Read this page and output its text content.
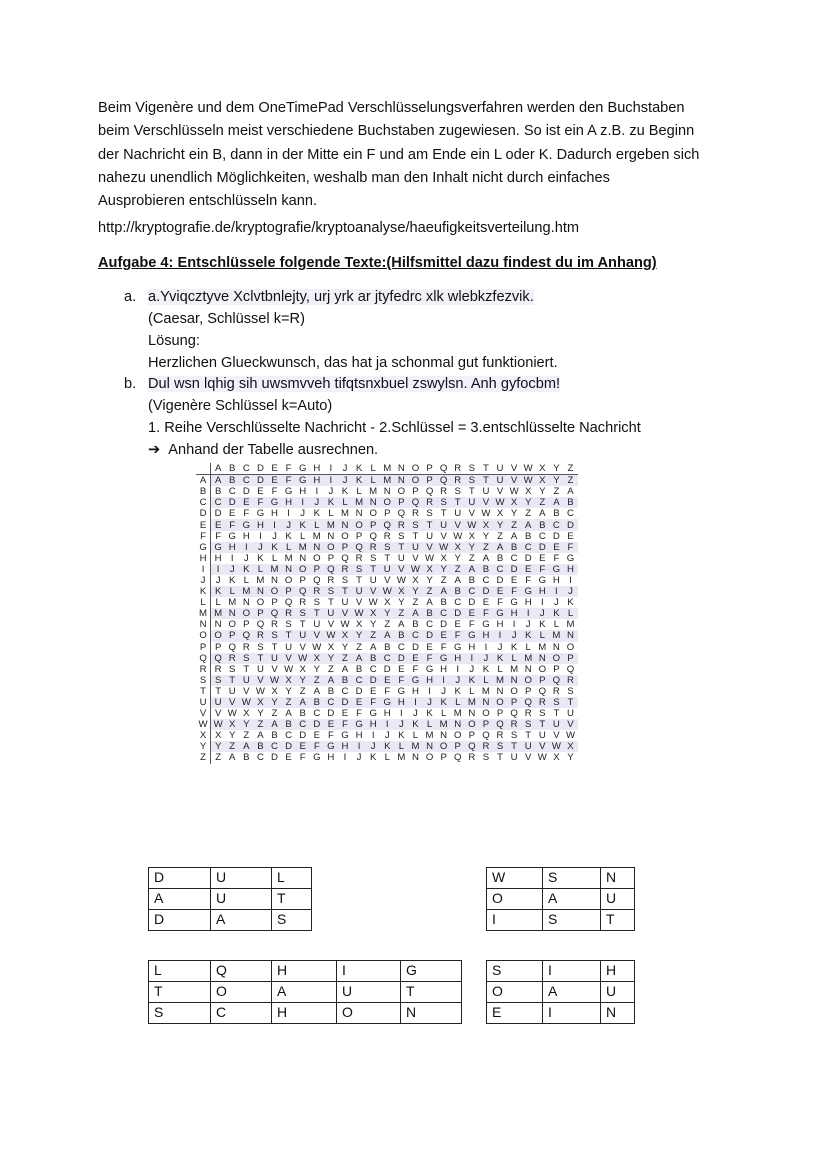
Beim Vigenère und dem OneTimePad Verschlüsselungsverfahren werden den Buchstaben
beim Verschlüsseln meist verschiedene Buchstaben zugewiesen. So ist ein A z.B. zu Beginn
der Nachricht ein B, dann in der Mitte ein F und am Ende ein L oder K. Dadurch ergeben sich
nahezu unendlich Möglichkeiten, weshalb man den Inhalt nicht durch einfaches
Ausprobieren entschlüsseln kann.
http://kryptografie.de/kryptografie/kryptoanalyse/haeufigkeitsverteilung.htm
Aufgabe 4: Entschlüssele folgende Texte:(Hilfsmittel dazu findest du im Anhang)
a. a.Yviqcztyve Xclvtbnlejty, urj yrk ar jtyfedrc xlk wlebkzfezvik.
(Caesar, Schlüssel k=R)
Lösung:
Herzlichen Glueckwunsch, das hat ja schonmal gut funktioniert.
b. Dul wsn lqhig sih uwsmvveh tifqtsnxbuel zswylsn. Anh gyfocbm!
(Vigenère Schlüssel k=Auto)
1. Reihe Verschlüsselte Nachricht - 2.Schlüssel = 3.entschlüsselte Nachricht
➔ Anhand der Tabelle ausrechnen.
	A	B	C	D	E	F	G	H	I	J	K	L	M	N	O	P	Q	R	S	T	U	V	W	X	Y	Z
A	A	B	C	D	E	F	G	H	I	J	K	L	M	N	O	P	Q	R	S	T	U	V	W	X	Y	Z
B	B	C	D	E	F	G	H	I	J	K	L	M	N	O	P	Q	R	S	T	U	V	W	X	Y	Z	A
C	C	D	E	F	G	H	I	J	K	L	M	N	O	P	Q	R	S	T	U	V	W	X	Y	Z	A	B
D	D	E	F	G	H	I	J	K	L	M	N	O	P	Q	R	S	T	U	V	W	X	Y	Z	A	B	C
E	E	F	G	H	I	J	K	L	M	N	O	P	Q	R	S	T	U	V	W	X	Y	Z	A	B	C	D
F	F	G	H	I	J	K	L	M	N	O	P	Q	R	S	T	U	V	W	X	Y	Z	A	B	C	D	E
G	G	H	I	J	K	L	M	N	O	P	Q	R	S	T	U	V	W	X	Y	Z	A	B	C	D	E	F
H	H	I	J	K	L	M	N	O	P	Q	R	S	T	U	V	W	X	Y	Z	A	B	C	D	E	F	G
I	I	J	K	L	M	N	O	P	Q	R	S	T	U	V	W	X	Y	Z	A	B	C	D	E	F	G	H
J	J	K	L	M	N	O	P	Q	R	S	T	U	V	W	X	Y	Z	A	B	C	D	E	F	G	H	I
K	K	L	M	N	O	P	Q	R	S	T	U	V	W	X	Y	Z	A	B	C	D	E	F	G	H	I	J
L	L	M	N	O	P	Q	R	S	T	U	V	W	X	Y	Z	A	B	C	D	E	F	G	H	I	J	K
M	M	N	O	P	Q	R	S	T	U	V	W	X	Y	Z	A	B	C	D	E	F	G	H	I	J	K	L
N	N	O	P	Q	R	S	T	U	V	W	X	Y	Z	A	B	C	D	E	F	G	H	I	J	K	L	M
O	O	P	Q	R	S	T	U	V	W	X	Y	Z	A	B	C	D	E	F	G	H	I	J	K	L	M	N
P	P	Q	R	S	T	U	V	W	X	Y	Z	A	B	C	D	E	F	G	H	I	J	K	L	M	N	O
Q	Q	R	S	T	U	V	W	X	Y	Z	A	B	C	D	E	F	G	H	I	J	K	L	M	N	O	P
R	R	S	T	U	V	W	X	Y	Z	A	B	C	D	E	F	G	H	I	J	K	L	M	N	O	P	Q
S	S	T	U	V	W	X	Y	Z	A	B	C	D	E	F	G	H	I	J	K	L	M	N	O	P	Q	R
T	T	U	V	W	X	Y	Z	A	B	C	D	E	F	G	H	I	J	K	L	M	N	O	P	Q	R	S
U	U	V	W	X	Y	Z	A	B	C	D	E	F	G	H	I	J	K	L	M	N	O	P	Q	R	S	T
V	V	W	X	Y	Z	A	B	C	D	E	F	G	H	I	J	K	L	M	N	O	P	Q	R	S	T	U
W	W	X	Y	Z	A	B	C	D	E	F	G	H	I	J	K	L	M	N	O	P	Q	R	S	T	U	V
X	X	Y	Z	A	B	C	D	E	F	G	H	I	J	K	L	M	N	O	P	Q	R	S	T	U	V	W
Y	Y	Z	A	B	C	D	E	F	G	H	I	J	K	L	M	N	O	P	Q	R	S	T	U	V	W	X
Z	Z	A	B	C	D	E	F	G	H	I	J	K	L	M	N	O	P	Q	R	S	T	U	V	W	X	Y
D	U	L
A	U	T
D	A	S
W	S	N
O	A	U
I	S	T
L	Q	H	I	G
T	O	A	U	T
S	C	H	O	N
S	I	H
O	A	U
E	I	N
